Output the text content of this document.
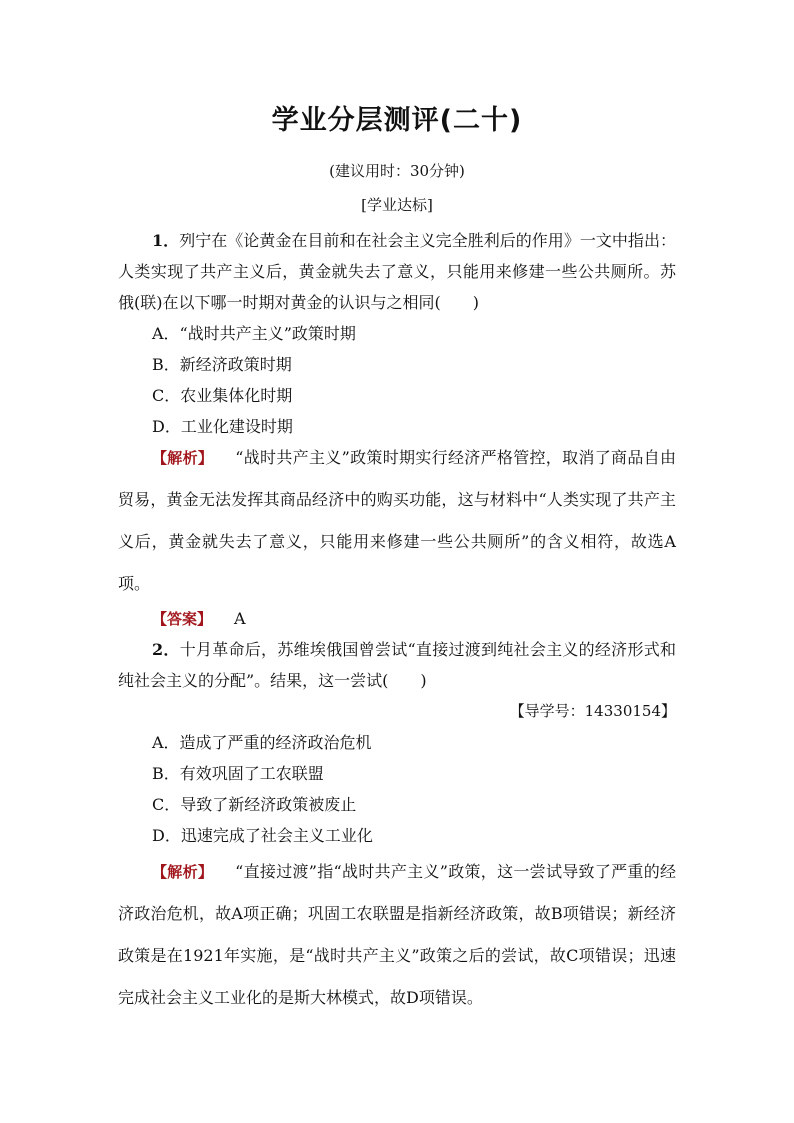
学业分层测评(二十)
(建议用时：30分钟)
[学业达标]

1．列宁在《论黄金在目前和在社会主义完全胜利后的作用》一文中指出：人类实现了共产主义后，黄金就失去了意义，只能用来修建一些公共厕所。苏俄(联)在以下哪一时期对黄金的认识与之相同(　　)

A．“战时共产主义”政策时期

B．新经济政策时期

C．农业集体化时期

D．工业化建设时期

【解析】 “战时共产主义”政策时期实行经济严格管控，取消了商品自由贸易，黄金无法发挥其商品经济中的购买功能，这与材料中“人类实现了共产主义后，黄金就失去了意义，只能用来修建一些公共厕所”的含义相符，故选A项。

【答案】 A

2．十月革命后，苏维埃俄国曾尝试“直接过渡到纯社会主义的经济形式和纯社会主义的分配”。结果，这一尝试(　　)

【导学号：14330154】

A．造成了严重的经济政治危机

B．有效巩固了工农联盟

C．导致了新经济政策被废止

D．迅速完成了社会主义工业化

【解析】 “直接过渡”指“战时共产主义”政策，这一尝试导致了严重的经济政治危机，故A项正确；巩固工农联盟是指新经济政策，故B项错误；新经济政策是在1921年实施，是“战时共产主义”政策之后的尝试，故C项错误；迅速完成社会主义工业化的是斯大林模式，故D项错误。
